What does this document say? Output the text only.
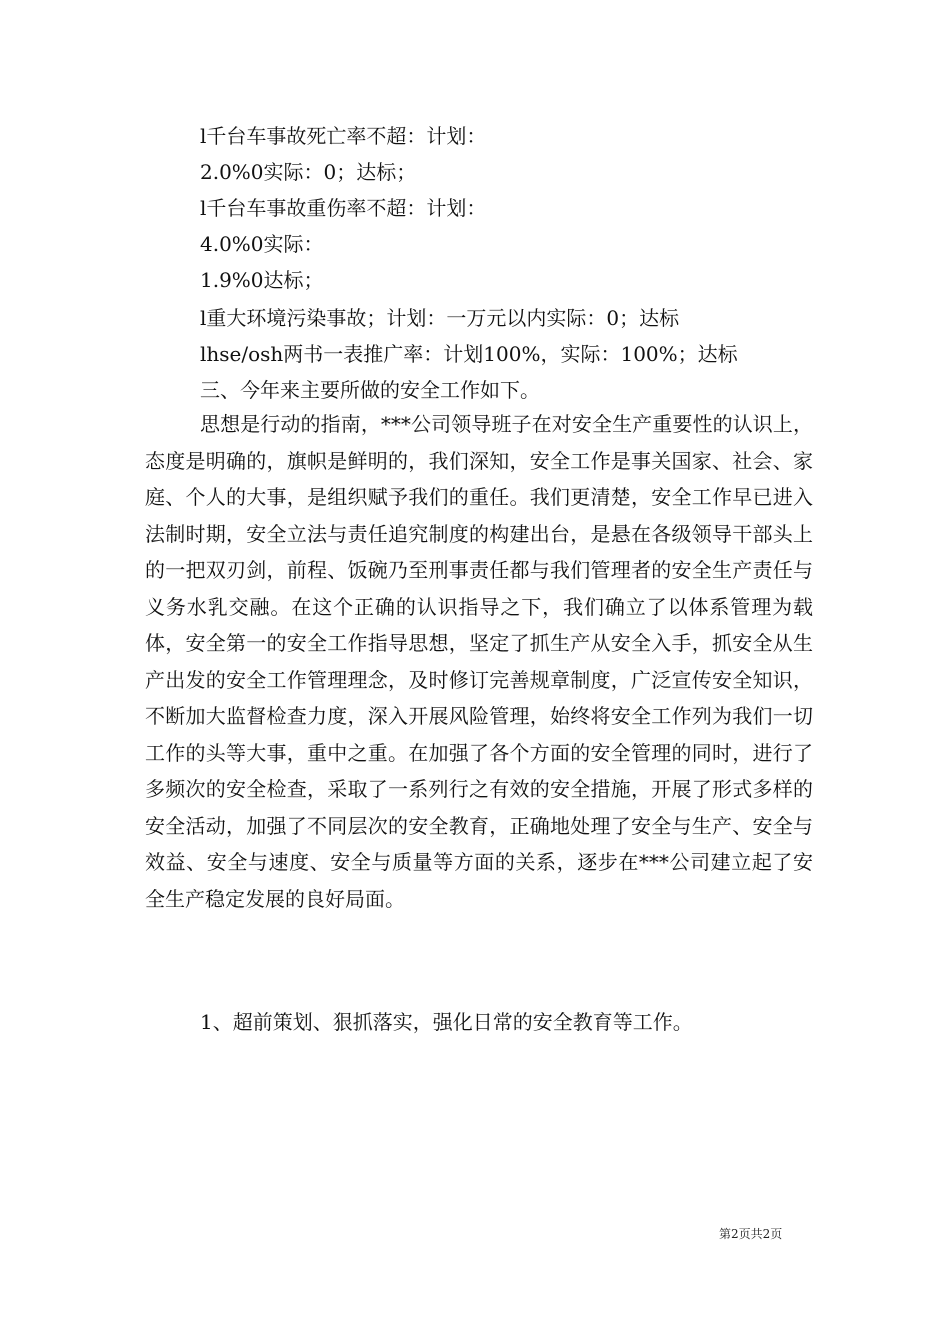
l千台车事故死亡率不超：计划：
2.0%0实际：0；达标；
l千台车事故重伤率不超：计划：
4.0%0实际：
1.9%0达标；
l重大环境污染事故；计划：一万元以内实际：0；达标
lhse/osh两书一表推广率：计划100%，实际：100%；达标
三、今年来主要所做的安全工作如下。

思想是行动的指南，***公司领导班子在对安全生产重要性的认识上，态度是明确的，旗帜是鲜明的，我们深知，安全工作是事关国家、社会、家庭、个人的大事，是组织赋予我们的重任。我们更清楚，安全工作早已进入法制时期，安全立法与责任追究制度的构建出台，是悬在各级领导干部头上的一把双刃剑，前程、饭碗乃至刑事责任都与我们管理者的安全生产责任与义务水乳交融。在这个正确的认识指导之下，我们确立了以体系管理为载体，安全第一的安全工作指导思想，坚定了抓生产从安全入手，抓安全从生产出发的安全工作管理理念，及时修订完善规章制度，广泛宣传安全知识，不断加大监督检查力度，深入开展风险管理，始终将安全工作列为我们一切工作的头等大事，重中之重。在加强了各个方面的安全管理的同时，进行了多频次的安全检查，采取了一系列行之有效的安全措施，开展了形式多样的安全活动，加强了不同层次的安全教育，正确地处理了安全与生产、安全与效益、安全与速度、安全与质量等方面的关系，逐步在***公司建立起了安全生产稳定发展的良好局面。

1、超前策划、狠抓落实，强化日常的安全教育等工作。
第2页共2页
